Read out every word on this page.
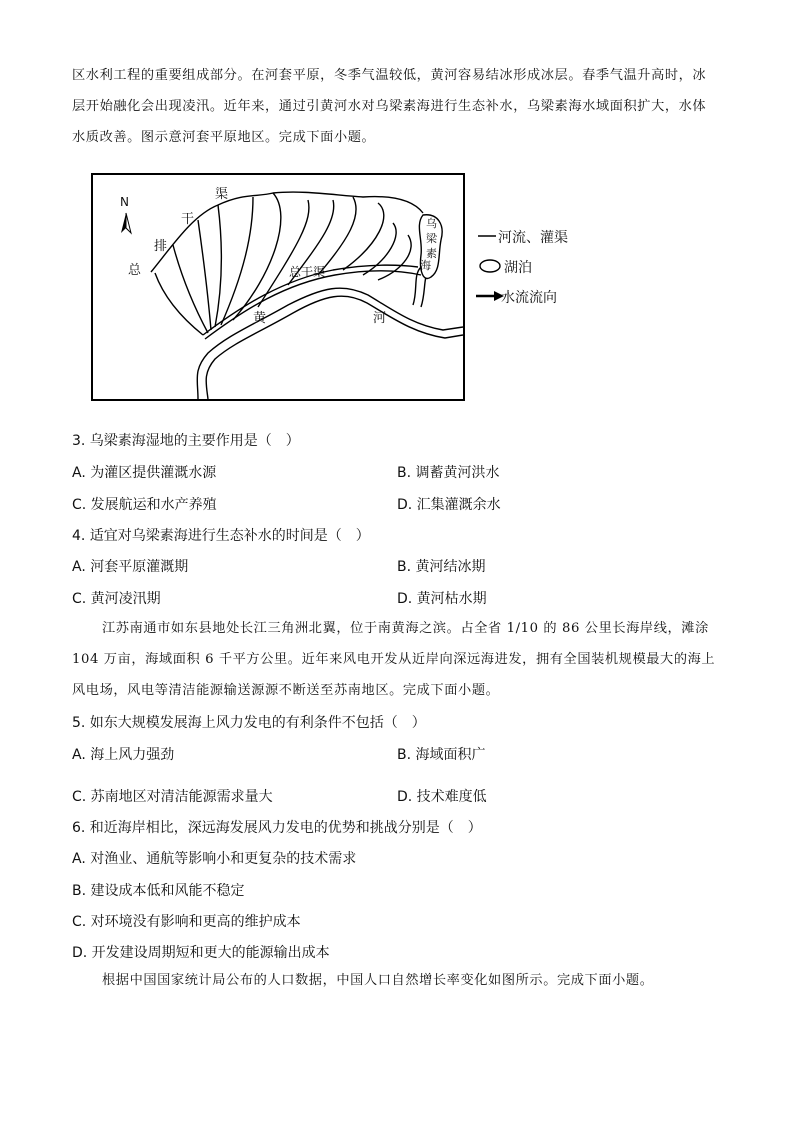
区水利工程的重要组成部分。在河套平原，冬季气温较低，黄河容易结冰形成冰层。春季气温升高时，冰
层开始融化会出现凌汛。近年来，通过引黄河水对乌梁素海进行生态补水，乌梁素海水域面积扩大，水体
水质改善。图示意河套平原地区。完成下面小题。
N	渠
干
排
总	总干渠
黄	河
乌
梁
素
海
河流、灌渠
湖泊
水流流向
3. 乌梁素海湿地的主要作用是（　）
A. 为灌区提供灌溉水源	B. 调蓄黄河洪水
C. 发展航运和水产养殖	D. 汇集灌溉余水
4. 适宜对乌梁素海进行生态补水的时间是（　）
A. 河套平原灌溉期	B. 黄河结冰期
C. 黄河凌汛期	D. 黄河枯水期
江苏南通市如东县地处长江三角洲北翼，位于南黄海之滨。占全省 1/10 的 86 公里长海岸线，滩涂
104 万亩，海域面积 6 千平方公里。近年来风电开发从近岸向深远海进发，拥有全国装机规模最大的海上
风电场，风电等清洁能源输送源源不断送至苏南地区。完成下面小题。
5. 如东大规模发展海上风力发电的有利条件不包括（　）
A. 海上风力强劲	B. 海域面积广
C. 苏南地区对清洁能源需求量大	D. 技术难度低
6. 和近海岸相比，深远海发展风力发电的优势和挑战分别是（　）
A. 对渔业、通航等影响小和更复杂的技术需求
B. 建设成本低和风能不稳定
C. 对环境没有影响和更高的维护成本
D. 开发建设周期短和更大的能源输出成本
根据中国国家统计局公布的人口数据，中国人口自然增长率变化如图所示。完成下面小题。
